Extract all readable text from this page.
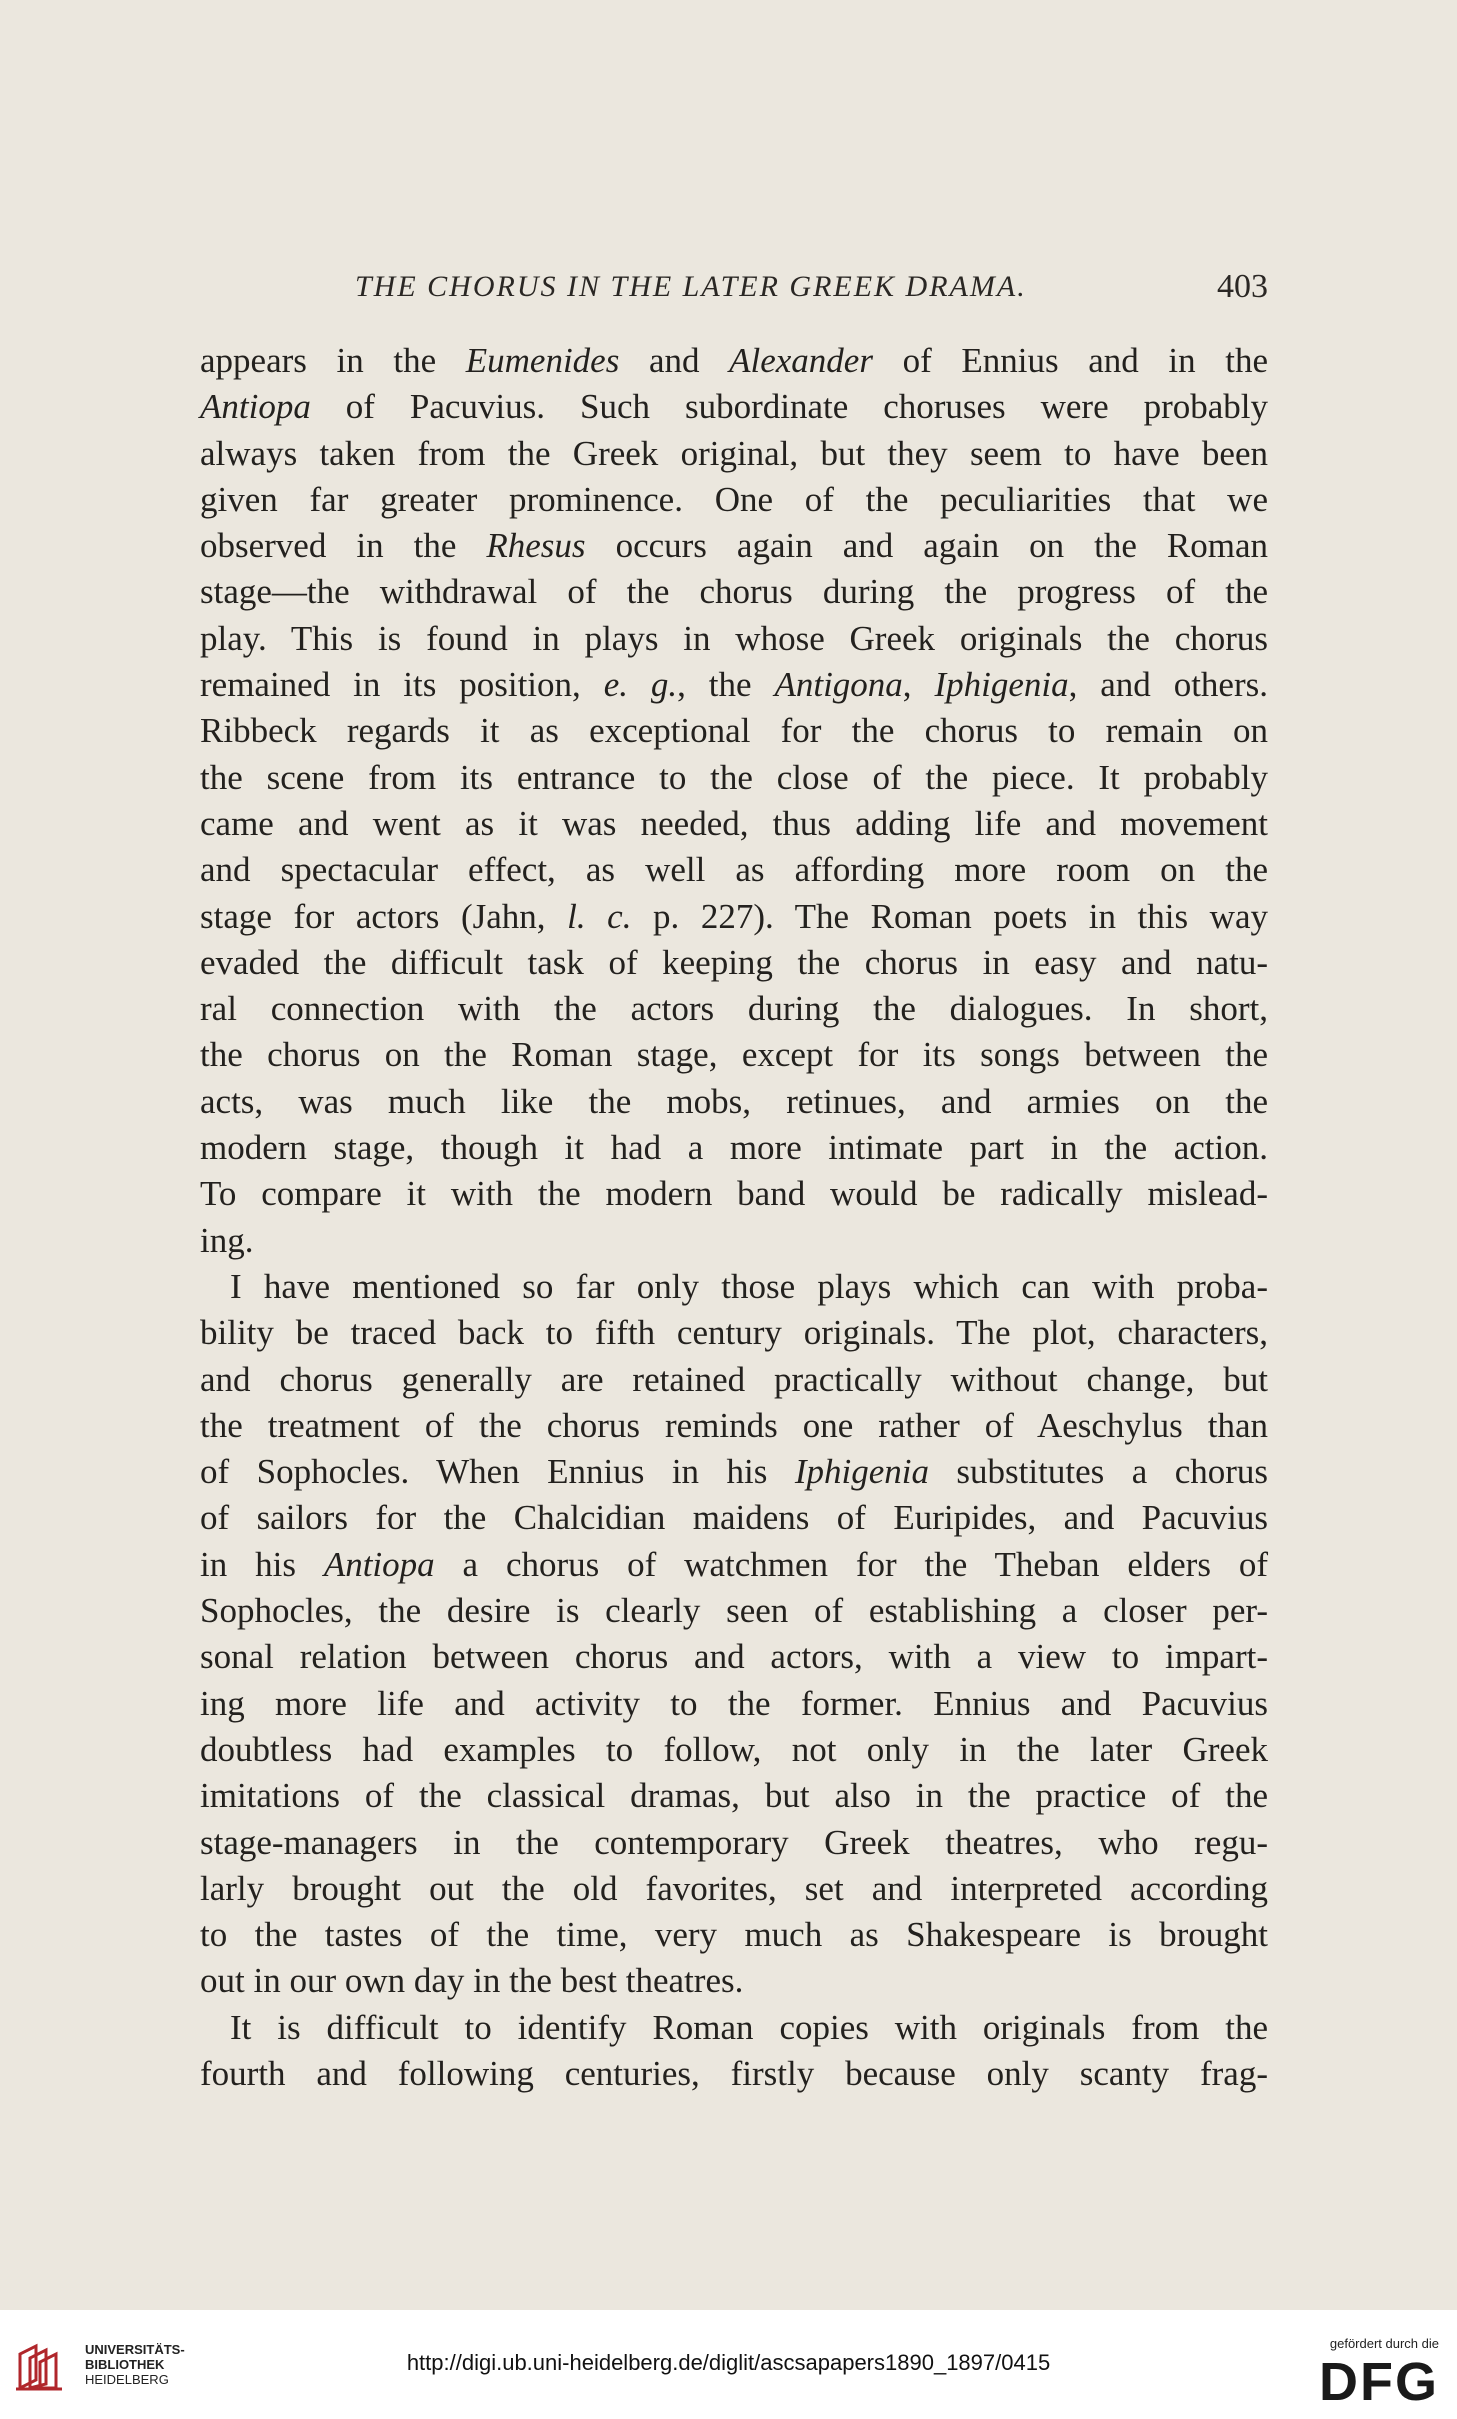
THE CHORUS IN THE LATER GREEK DRAMA.	403
appears in the Eumenides and Alexander of Ennius and in the
Antiopa of Pacuvius. Such subordinate choruses were probably
always taken from the Greek original, but they seem to have been
given far greater prominence. One of the peculiarities that we
observed in the Rhesus occurs again and again on the Roman
stage—the withdrawal of the chorus during the progress of the
play. This is found in plays in whose Greek originals the chorus
remained in its position, e. g., the Antigona, Iphigenia, and others.
Ribbeck regards it as exceptional for the chorus to remain on
the scene from its entrance to the close of the piece. It probably
came and went as it was needed, thus adding life and movement
and spectacular effect, as well as affording more room on the
stage for actors (Jahn, l. c. p. 227). The Roman poets in this way
evaded the difficult task of keeping the chorus in easy and natu-
ral connection with the actors during the dialogues. In short,
the chorus on the Roman stage, except for its songs between the
acts, was much like the mobs, retinues, and armies on the
modern stage, though it had a more intimate part in the action.
To compare it with the modern band would be radically mislead-
ing.
I have mentioned so far only those plays which can with proba-
bility be traced back to fifth century originals. The plot, characters,
and chorus generally are retained practically without change, but
the treatment of the chorus reminds one rather of Aeschylus than
of Sophocles. When Ennius in his Iphigenia substitutes a chorus
of sailors for the Chalcidian maidens of Euripides, and Pacuvius
in his Antiopa a chorus of watchmen for the Theban elders of
Sophocles, the desire is clearly seen of establishing a closer per-
sonal relation between chorus and actors, with a view to impart-
ing more life and activity to the former. Ennius and Pacuvius
doubtless had examples to follow, not only in the later Greek
imitations of the classical dramas, but also in the practice of the
stage-managers in the contemporary Greek theatres, who regu-
larly brought out the old favorites, set and interpreted according
to the tastes of the time, very much as Shakespeare is brought
out in our own day in the best theatres.
It is difficult to identify Roman copies with originals from the
fourth and following centuries, firstly because only scanty frag-
UNIVERSITÄTS-
BIBLIOTHEK
HEIDELBERG
http://digi.ub.uni-heidelberg.de/diglit/ascsapapers1890_1897/0415
gefördert durch die
DFG
